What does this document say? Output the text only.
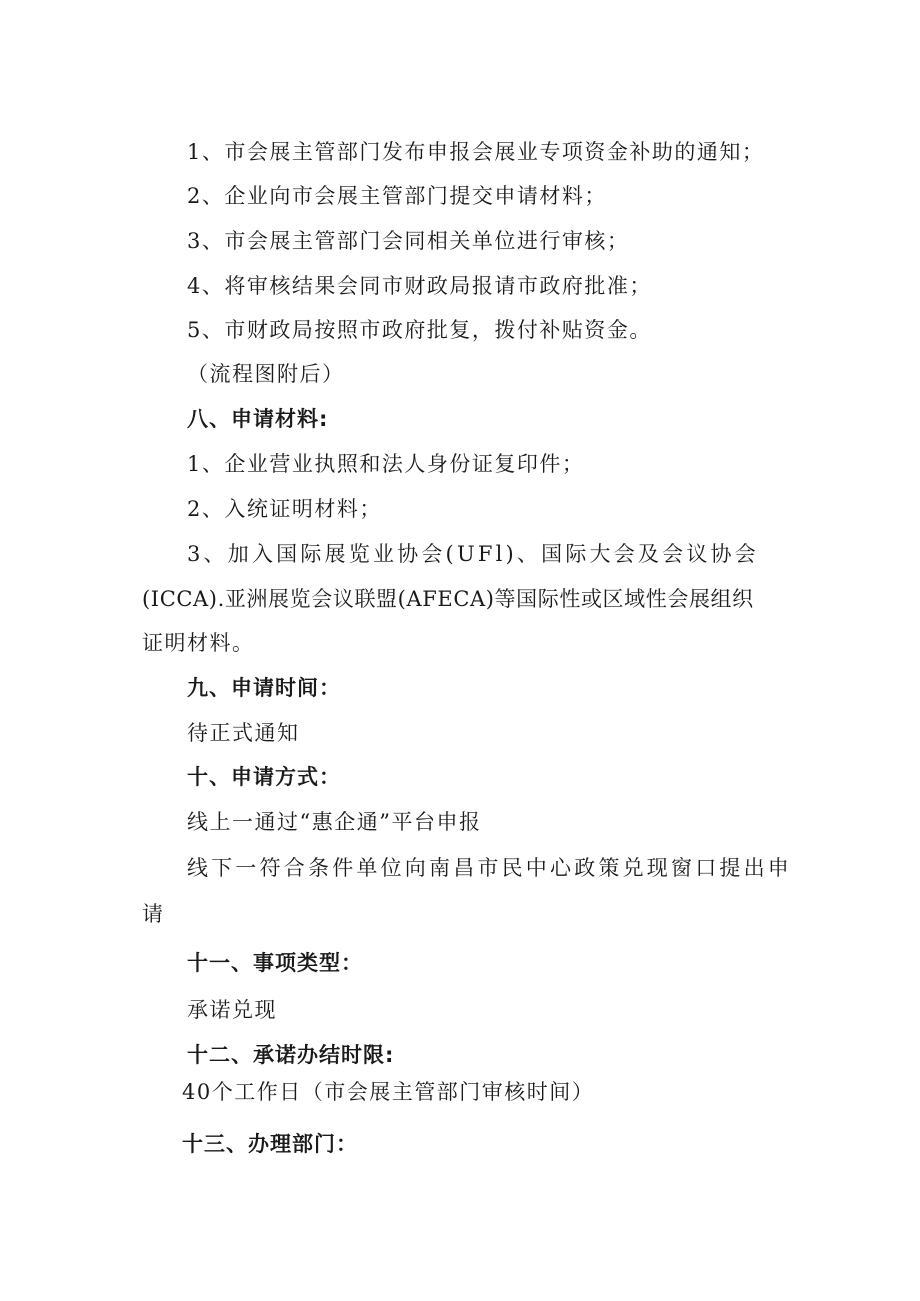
1、市会展主管部门发布申报会展业专项资金补助的通知；
2、企业向市会展主管部门提交申请材料；
3、市会展主管部门会同相关单位进行审核；
4、将审核结果会同市财政局报请市政府批准；
5、市财政局按照市政府批复，拨付补贴资金。
（流程图附后）
八、申请材料:
1、企业营业执照和法人身份证复印件；
2、入统证明材料；
3、加入国际展览业协会(UFl)、国际大会及会议协会
(ICCA).亚洲展览会议联盟(AFECA)等国际性或区域性会展组织
证明材料。
九、申请时间：
待正式通知
十、申请方式：
线上一通过“惠企通”平台申报
线下一符合条件单位向南昌市民中心政策兑现窗口提出申
请
十一、事项类型：
承诺兑现
十二、承诺办结时限:
40个工作日（市会展主管部门审核时间）
十三、办理部门：
